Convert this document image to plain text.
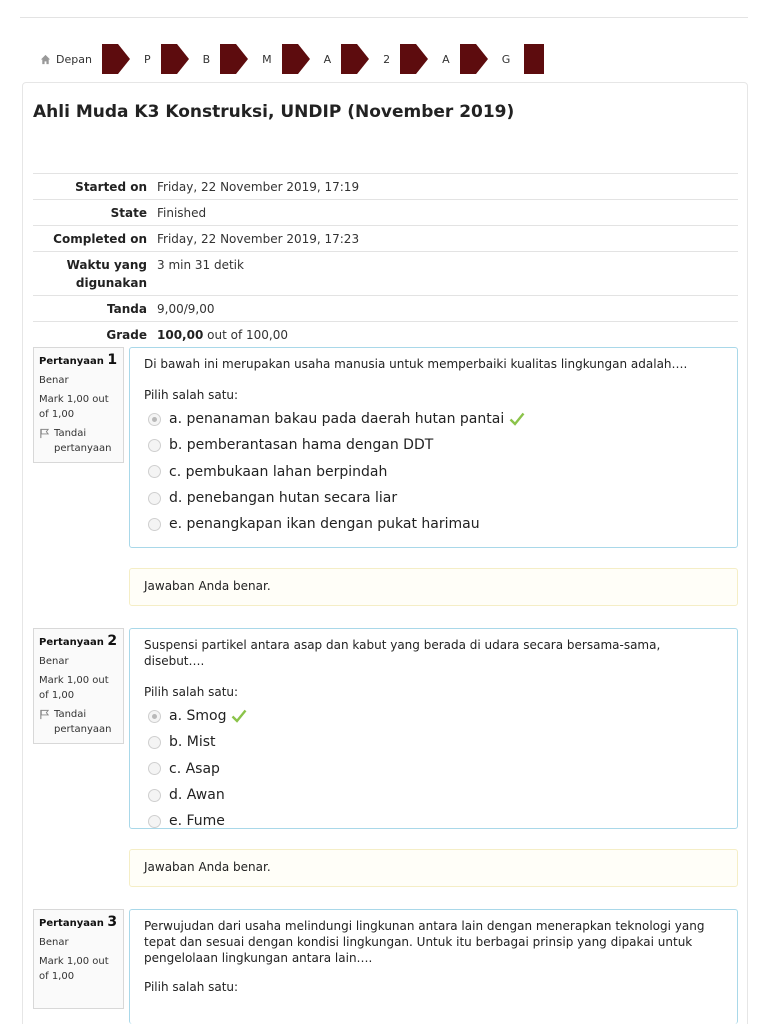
Depan	P	B	M	A	2	A	G
Ahli Muda K3 Konstruksi, UNDIP (November 2019)
Started on Friday, 22 November 2019, 17:19
State Finished
Completed on Friday, 22 November 2019, 17:23
Waktu yang digunakan
3 min 31 detik
Tanda 9,00/9,00
Grade 100,00 out of 100,00
Pertanyaan 1
Benar
Mark 1,00 out of 1,00
Tandai pertanyaan
Di bawah ini merupakan usaha manusia untuk memperbaiki kualitas lingkungan adalah….
Pilih salah satu:
a. penanaman bakau pada daerah hutan pantai
b. pemberantasan hama dengan DDT
c. pembukaan lahan berpindah
d. penebangan hutan secara liar
e. penangkapan ikan dengan pukat harimau
Jawaban Anda benar.
Pertanyaan 2
Benar
Mark 1,00 out of 1,00
Tandai pertanyaan
Suspensi partikel antara asap dan kabut yang berada di udara secara bersama-sama, disebut….
Pilih salah satu:
a. Smog
b. Mist
c. Asap
d. Awan
e. Fume
Jawaban Anda benar.
Pertanyaan 3
Benar
Mark 1,00 out of 1,00
Perwujudan dari usaha melindungi lingkunan antara lain dengan menerapkan teknologi yang tepat dan sesuai dengan kondisi lingkungan. Untuk itu berbagai prinsip yang dipakai untuk pengelolaan lingkungan antara lain….
Pilih salah satu:
